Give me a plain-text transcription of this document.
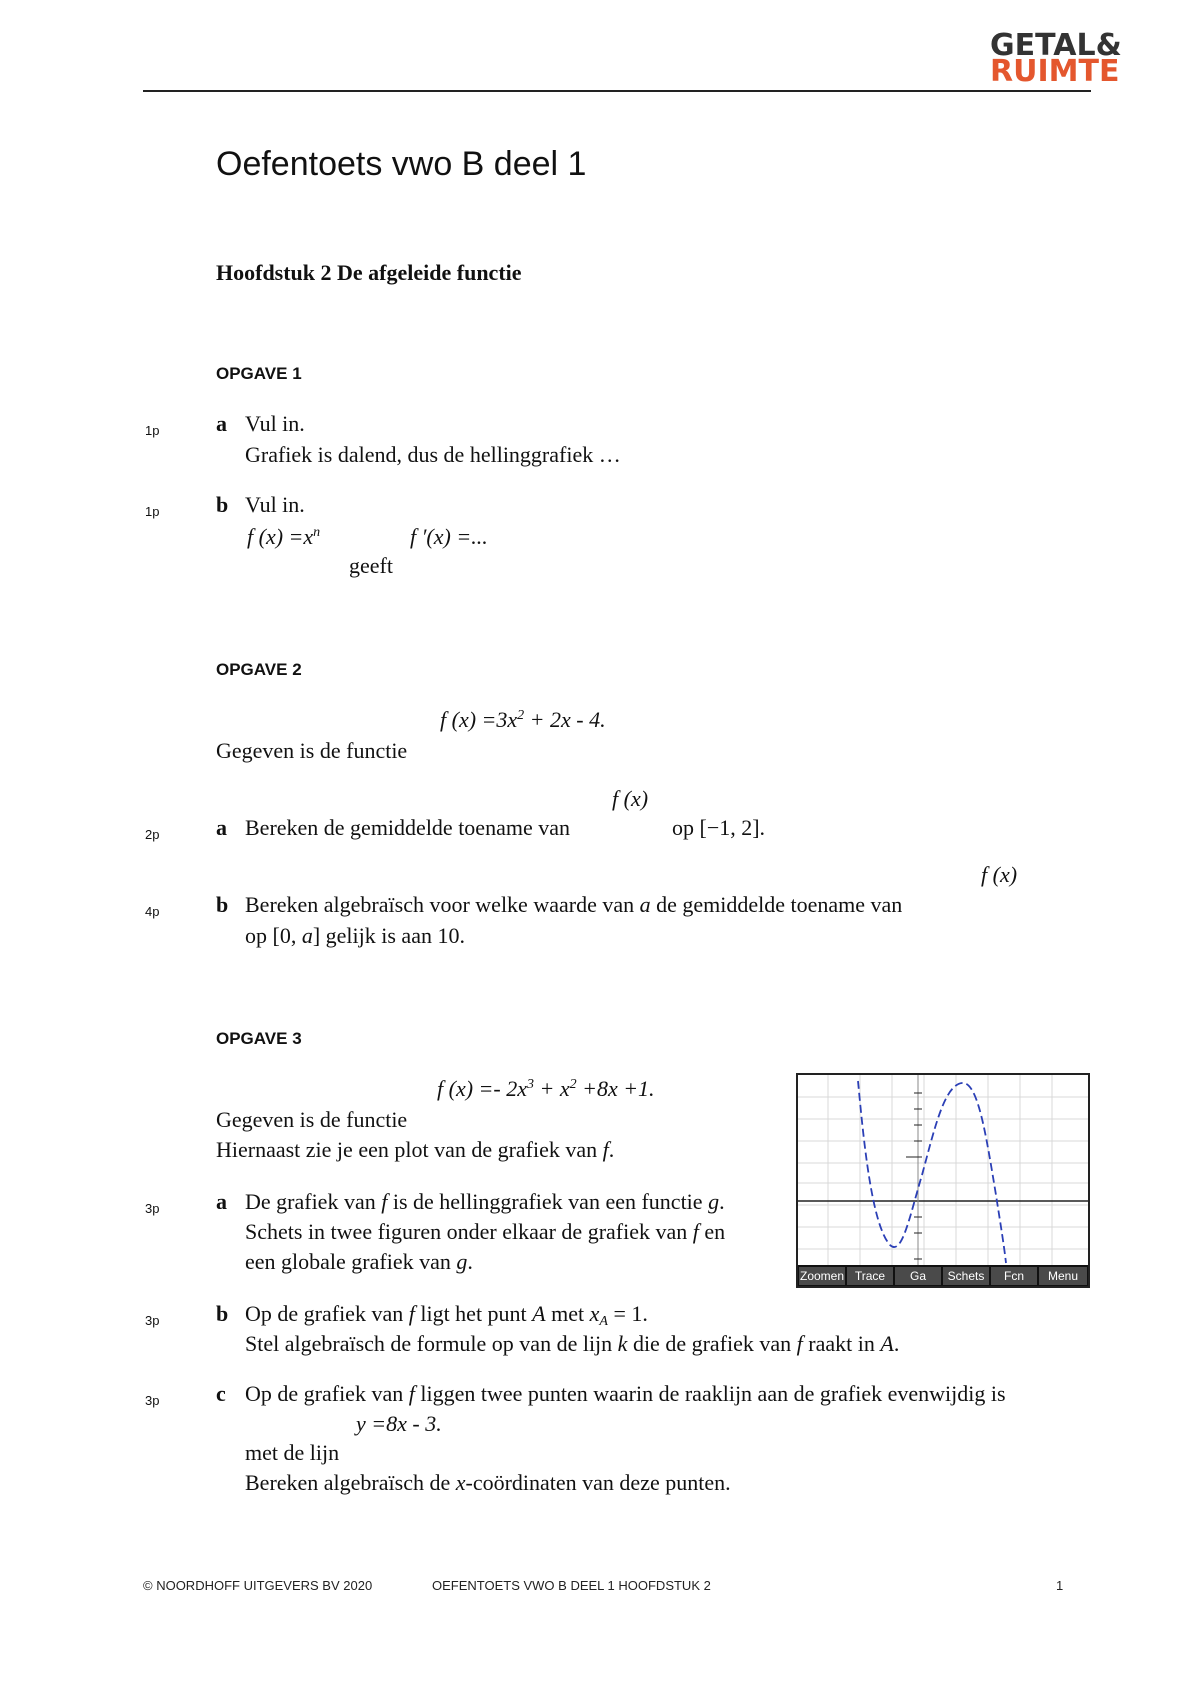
GETAL&
RUIMTE
Oefentoets vwo B deel 1
Hoofdstuk 2 De afgeleide functie
OPGAVE 1
1p	a Vul in.
Grafiek is dalend, dus de hellinggrafiek …
1p	b Vul in.
f $(x) =x^n$	f ′(x) =...
geeft
OPGAVE 2
f $(x) =3x^2 + 2x - 4$.
Gegeven is de functie
f (x)
2p	a Bereken de gemiddelde toename van	op [−1, 2].
f (x)
4p	b Bereken algebraïsch voor welke waarde van a de gemiddelde toename van
op [0, a] gelijk is aan 10.
OPGAVE 3
f $(x) =- 2x^3 + x^2 +8x +1$.
Gegeven is de functie
Hiernaast zie je een plot van de grafiek van f.
3p	a De grafiek van f is de hellinggrafiek van een functie g.
Schets in twee figuren onder elkaar de grafiek van f en
een globale grafiek van g.
Zoomen Trace Ga Schets Fcn Menu
3p	b Op de grafiek van f ligt het punt A met $x_A = 1$.
Stel algebraïsch de formule op van de lijn k die de grafiek van f raakt in A.
3p	c Op de grafiek van f liggen twee punten waarin de raaklijn aan de grafiek evenwijdig is
y =8x - 3.
met de lijn
Bereken algebraïsch de x-coördinaten van deze punten.
© NOORDHOFF UITGEVERS BV 2020	OEFENTOETS VWO B DEEL 1 HOOFDSTUK 2	1
